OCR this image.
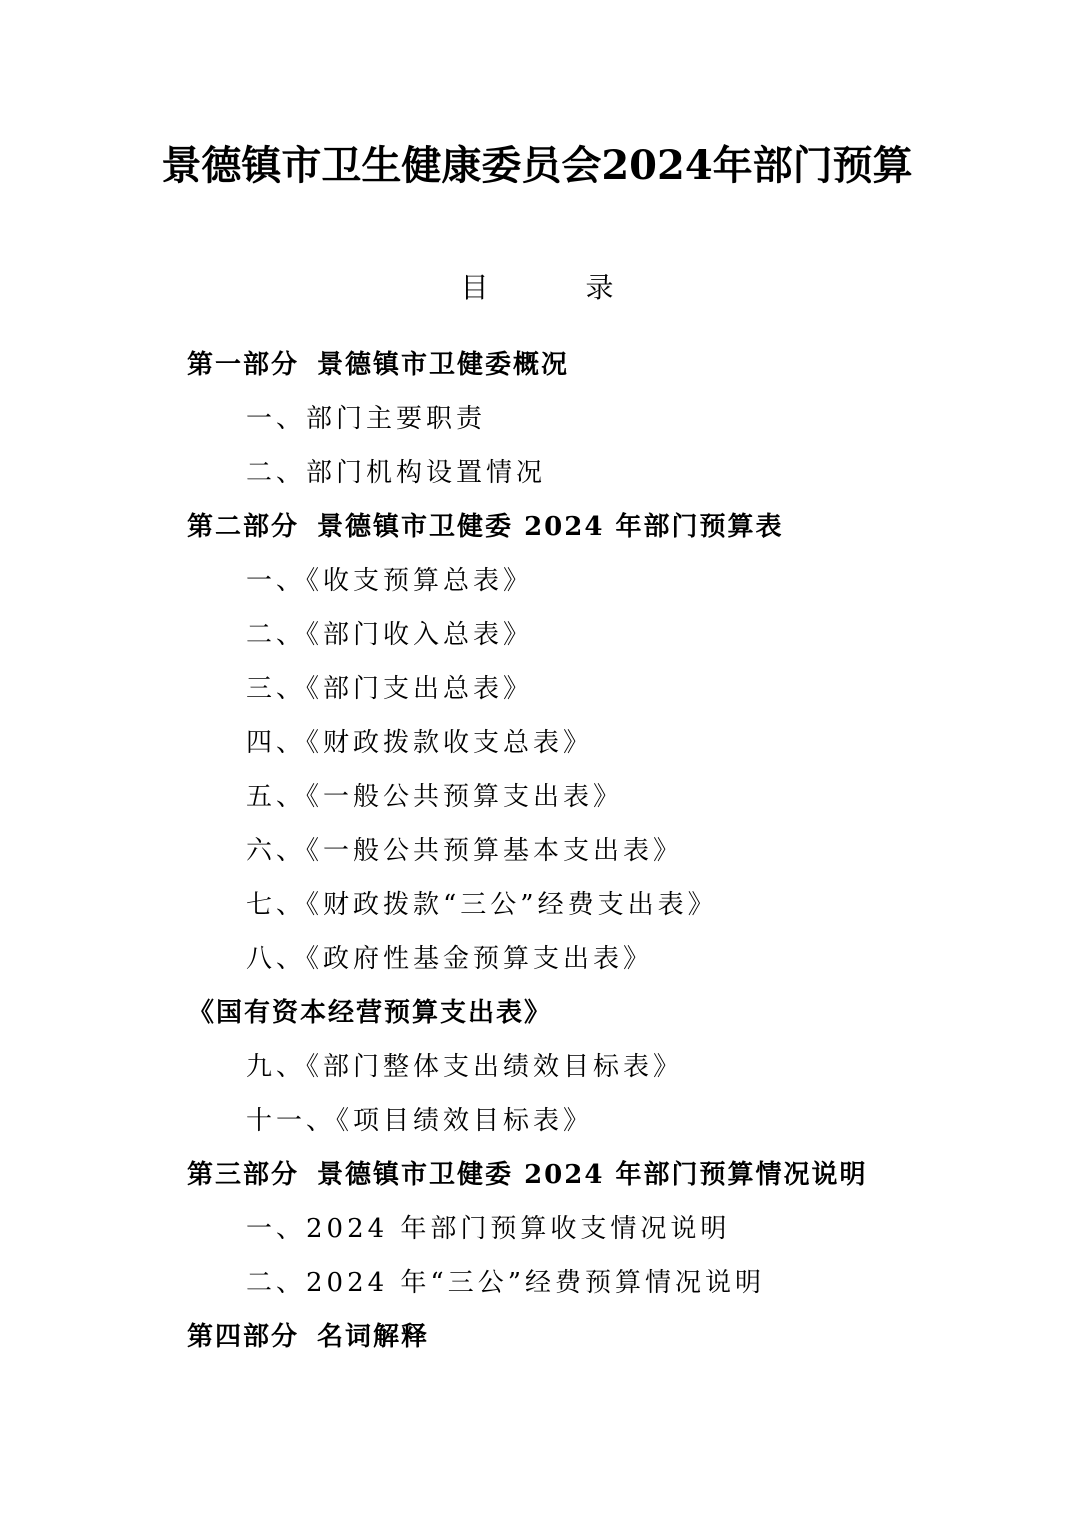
景德镇市卫生健康委员会2024年部门预算
目 录
第一部分 景德镇市卫健委概况
一、部门主要职责
二、部门机构设置情况
第二部分 景德镇市卫健委 2024 年部门预算表
一、《收支预算总表》
二、《部门收入总表》
三、《部门支出总表》
四、《财政拨款收支总表》
五、《一般公共预算支出表》
六、《一般公共预算基本支出表》
七、《财政拨款“三公”经费支出表》
八、《政府性基金预算支出表》
《国有资本经营预算支出表》
九、《部门整体支出绩效目标表》
十一、《项目绩效目标表》
第三部分 景德镇市卫健委 2024 年部门预算情况说明
一、2024 年部门预算收支情况说明
二、2024 年“三公”经费预算情况说明
第四部分 名词解释
